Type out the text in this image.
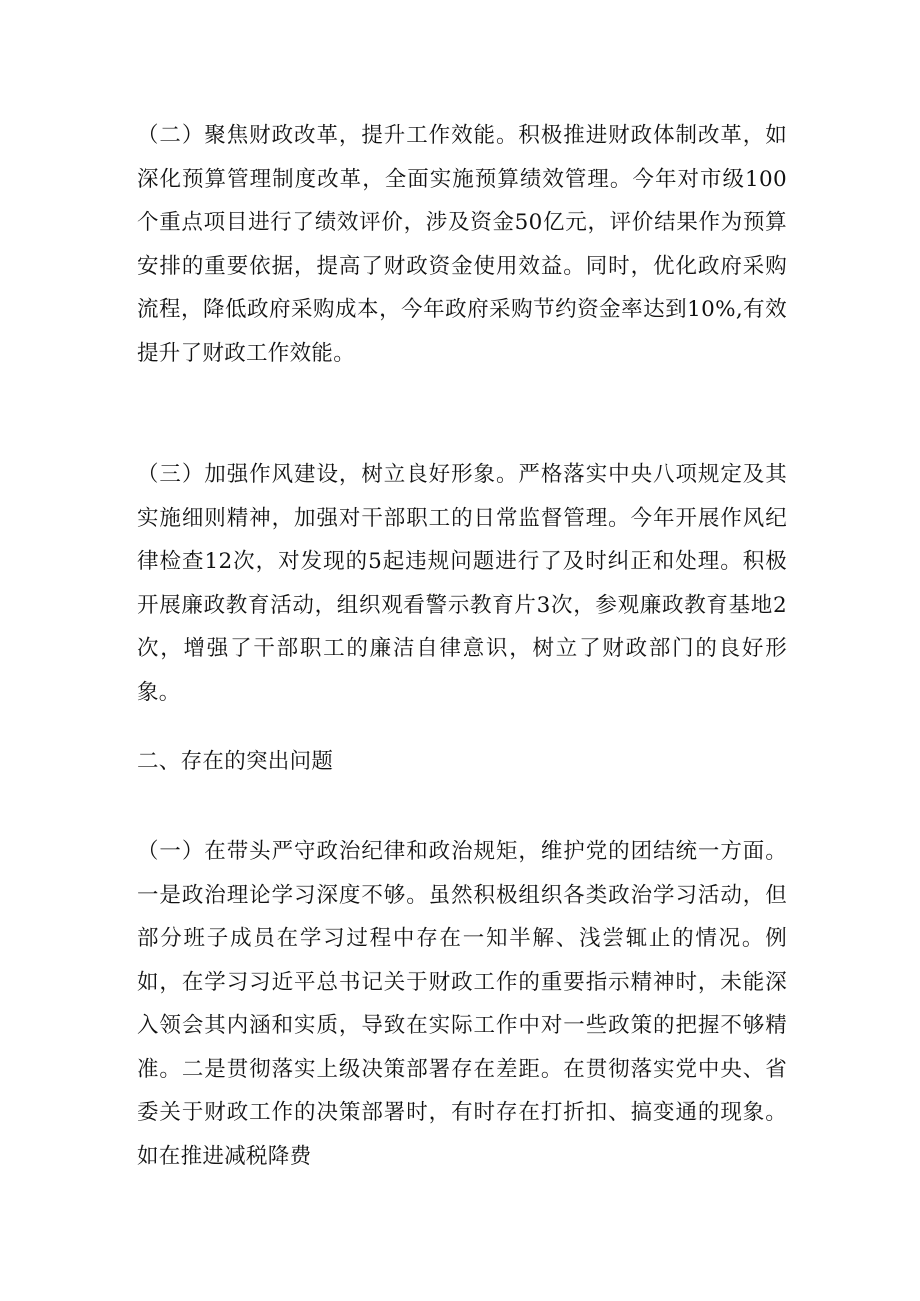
（二）聚焦财政改革，提升工作效能。积极推进财政体制改革，如深化预算管理制度改革，全面实施预算绩效管理。今年对市级100个重点项目进行了绩效评价，涉及资金50亿元，评价结果作为预算安排的重要依据，提高了财政资金使用效益。同时，优化政府采购流程，降低政府采购成本，今年政府采购节约资金率达到10%,有效提升了财政工作效能。

（三）加强作风建设，树立良好形象。严格落实中央八项规定及其实施细则精神，加强对干部职工的日常监督管理。今年开展作风纪律检查12次，对发现的5起违规问题进行了及时纠正和处理。积极开展廉政教育活动，组织观看警示教育片3次，参观廉政教育基地2次，增强了干部职工的廉洁自律意识，树立了财政部门的良好形象。

二、存在的突出问题

（一）在带头严守政治纪律和政治规矩，维护党的团结统一方面。一是政治理论学习深度不够。虽然积极组织各类政治学习活动，但部分班子成员在学习过程中存在一知半解、浅尝辄止的情况。例如，在学习习近平总书记关于财政工作的重要指示精神时，未能深入领会其内涵和实质，导致在实际工作中对一些政策的把握不够精准。二是贯彻落实上级决策部署存在差距。在贯彻落实党中央、省委关于财政工作的决策部署时，有时存在打折扣、搞变通的现象。如在推进减税降费
